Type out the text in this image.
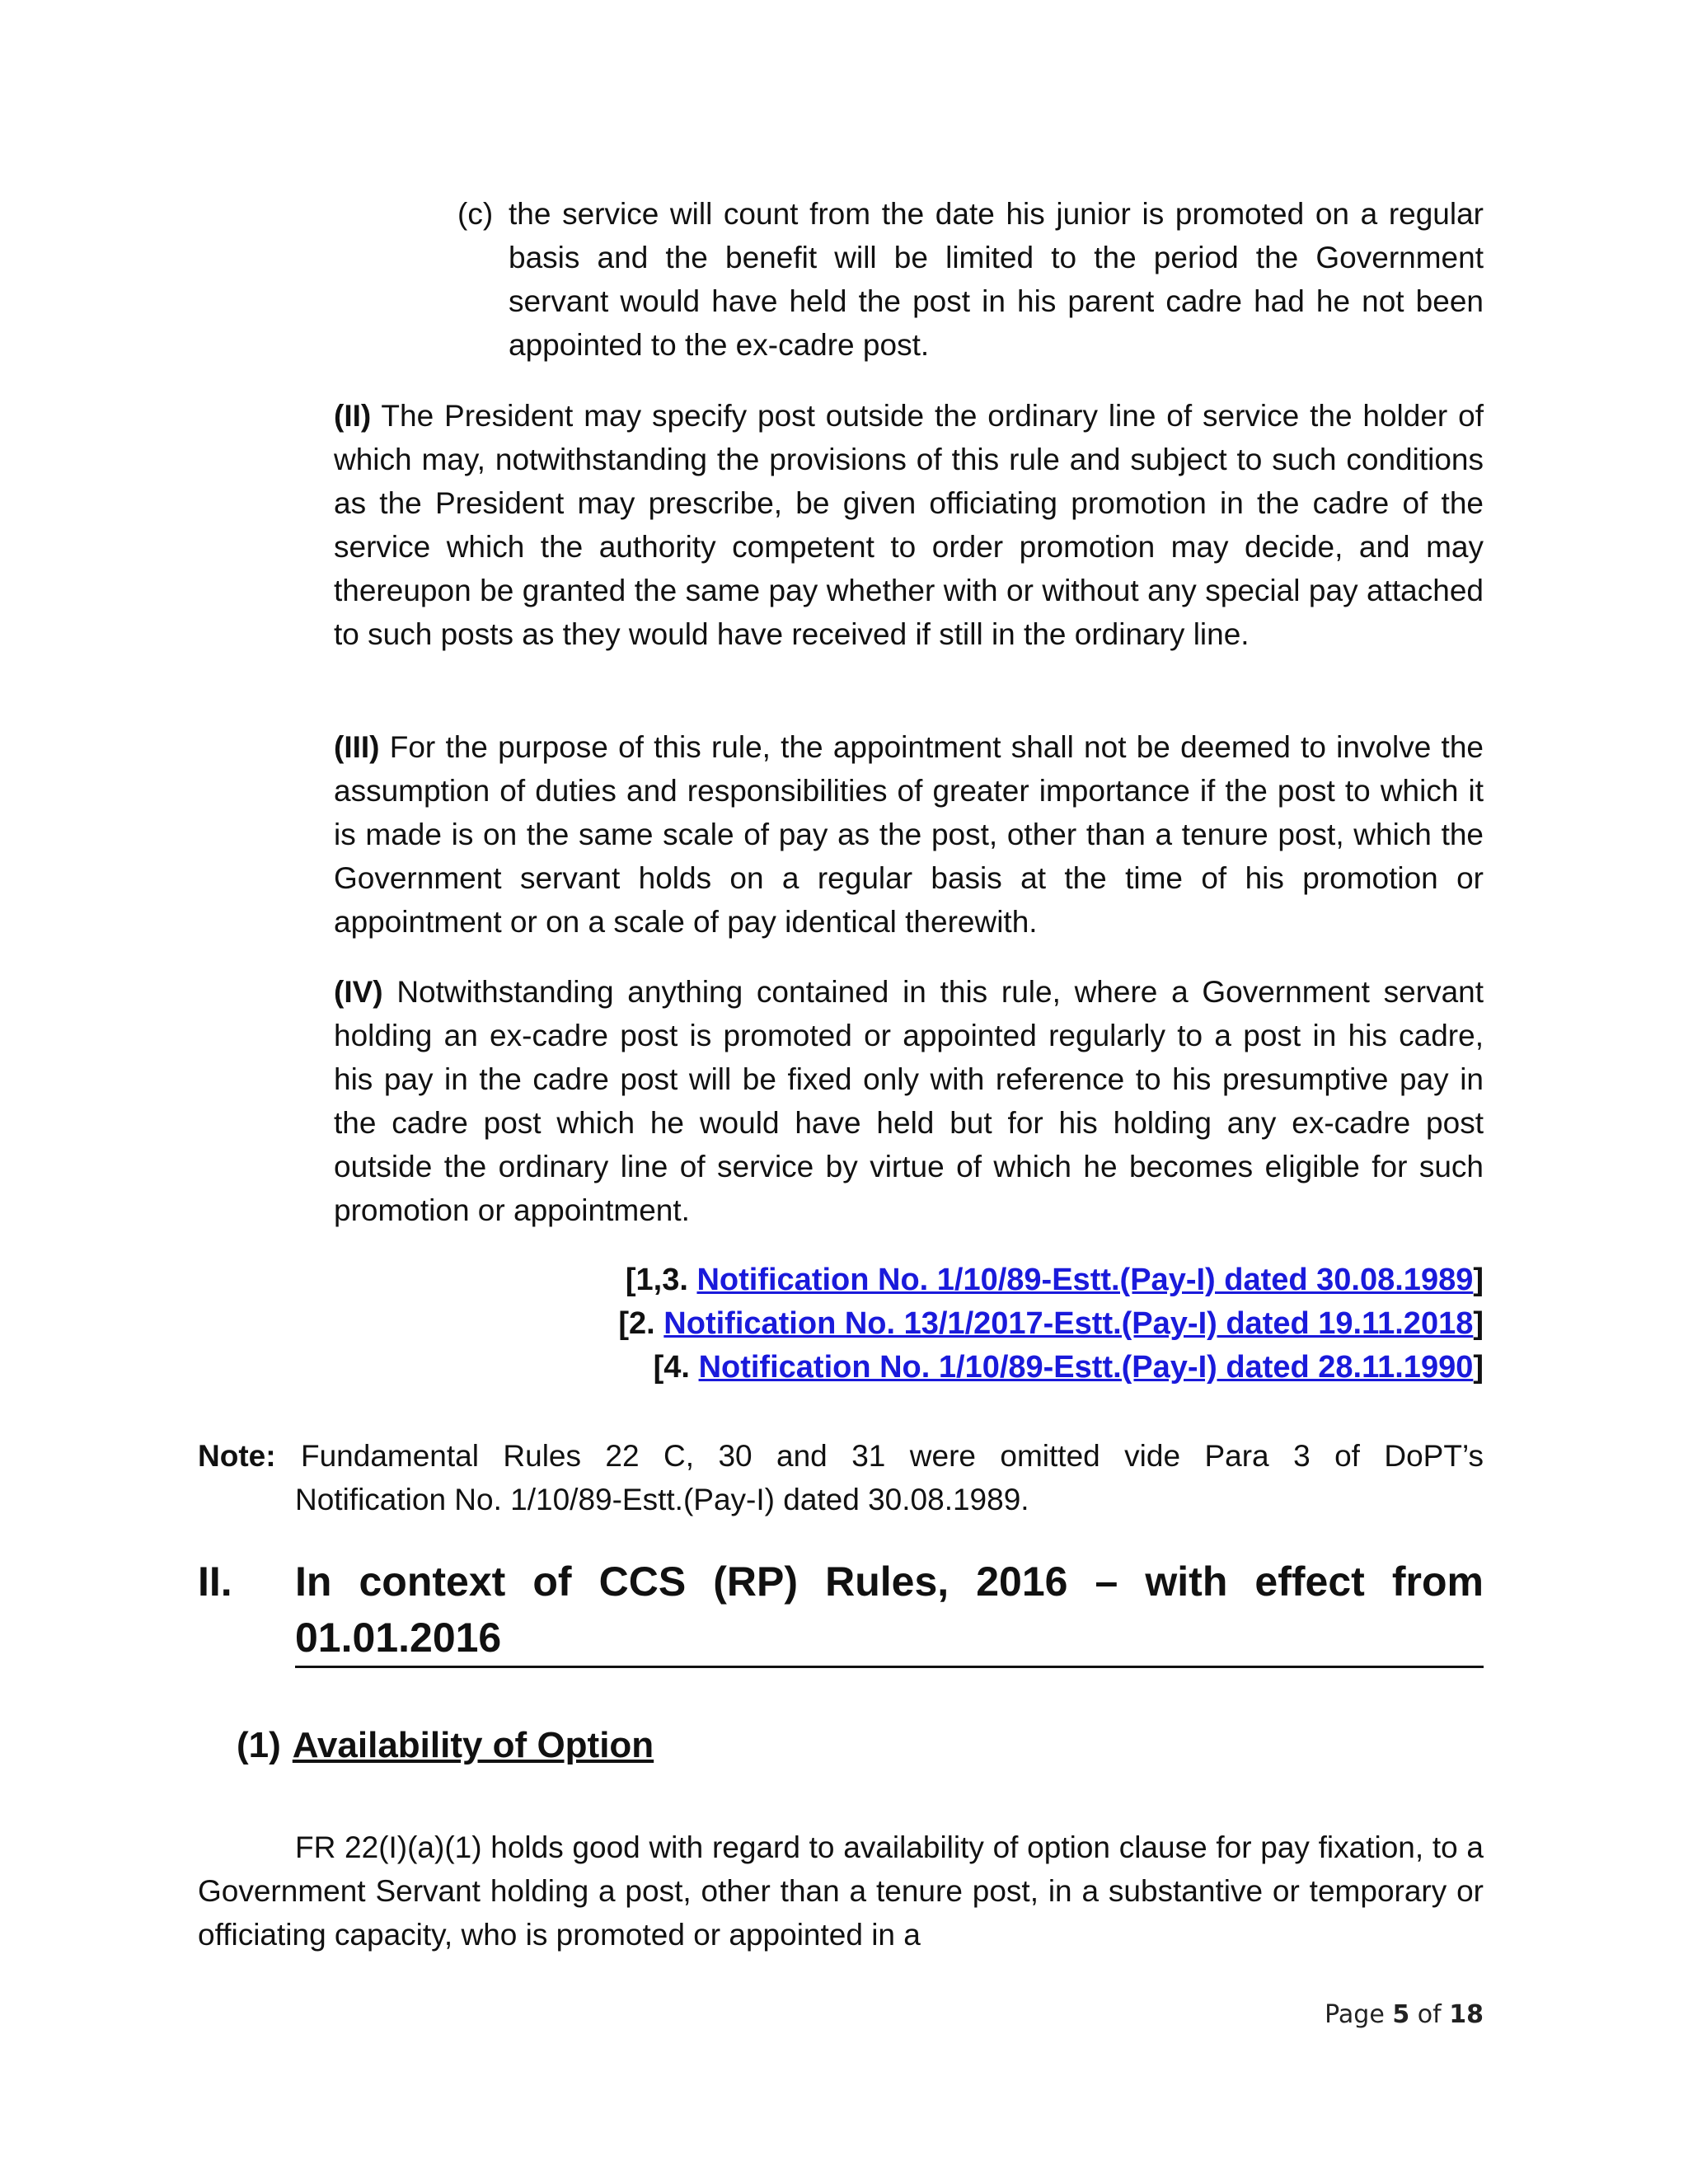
(c) the service will count from the date his junior is promoted on a regular basis and the benefit will be limited to the period the Government servant would have held the post in his parent cadre had he not been appointed to the ex-cadre post.
(II) The President may specify post outside the ordinary line of service the holder of which may, notwithstanding the provisions of this rule and subject to such conditions as the President may prescribe, be given officiating promotion in the cadre of the service which the authority competent to order promotion may decide, and may thereupon be granted the same pay whether with or without any special pay attached to such posts as they would have received if still in the ordinary line.
(III) For the purpose of this rule, the appointment shall not be deemed to involve the assumption of duties and responsibilities of greater importance if the post to which it is made is on the same scale of pay as the post, other than a tenure post, which the Government servant holds on a regular basis at the time of his promotion or appointment or on a scale of pay identical therewith.
(IV) Notwithstanding anything contained in this rule, where a Government servant holding an ex-cadre post is promoted or appointed regularly to a post in his cadre, his pay in the cadre post will be fixed only with reference to his presumptive pay in the cadre post which he would have held but for his holding any ex-cadre post outside the ordinary line of service by virtue of which he becomes eligible for such promotion or appointment.
[1,3. Notification No. 1/10/89-Estt.(Pay-I) dated 30.08.1989]
[2. Notification No. 13/1/2017-Estt.(Pay-I) dated 19.11.2018]
[4. Notification No. 1/10/89-Estt.(Pay-I) dated 28.11.1990]
Note: Fundamental Rules 22 C, 30 and 31 were omitted vide Para 3 of DoPT’s
Notification No. 1/10/89-Estt.(Pay-I) dated 30.08.1989.
II. In context of CCS (RP) Rules, 2016 – with effect from 01.01.2016
(1) Availability of Option
FR 22(I)(a)(1) holds good with regard to availability of option clause for pay fixation, to a Government Servant holding a post, other than a tenure post, in a substantive or temporary or officiating capacity, who is promoted or appointed in a
Page 5 of 18
